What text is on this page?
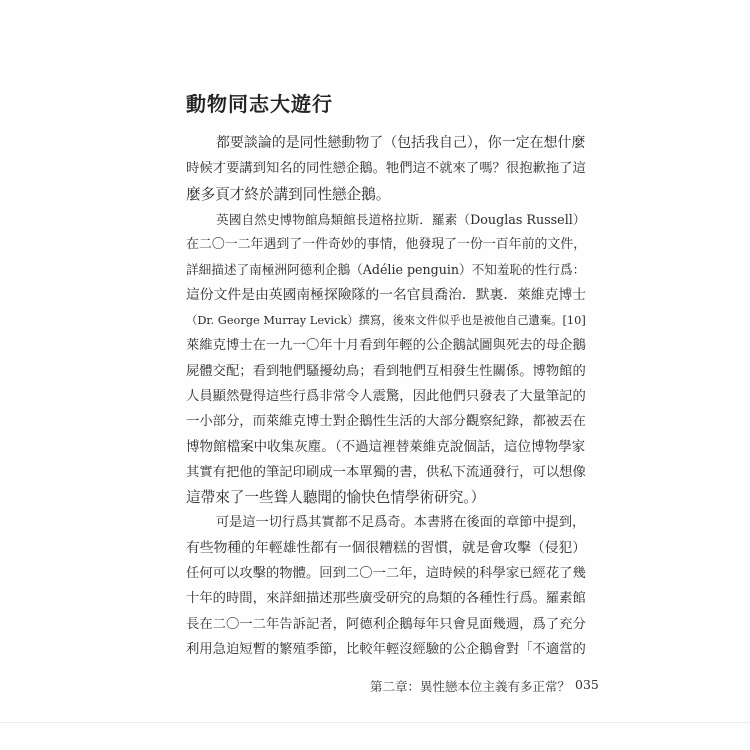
動物同志大遊行
都要談論的是同性戀動物了（包括我自己），你一定在想什麼
時候才要講到知名的同性戀企鵝。牠們這不就來了嗎？很抱歉拖了這
麼多頁才終於講到同性戀企鵝。
英國自然史博物館鳥類館長道格拉斯．羅素（Douglas Russell）
在二〇一二年遇到了一件奇妙的事情，他發現了一份一百年前的文件，
詳細描述了南極洲阿德利企鵝（Adélie penguin）不知羞恥的性行爲：
這份文件是由英國南極探險隊的一名官員喬治．默裏．萊維克博士
（Dr. George Murray Levick）撰寫，後來文件似乎也是被他自己遺棄。[10]
萊維克博士在一九一〇年十月看到年輕的公企鵝試圖與死去的母企鵝
屍體交配；看到牠們騷擾幼鳥；看到牠們互相發生性關係。博物館的
人員顯然覺得這些行爲非常令人震驚，因此他們只發表了大量筆記的
一小部分，而萊維克博士對企鵝性生活的大部分觀察紀錄，都被丟在
博物館檔案中收集灰塵。（不過這裡替萊維克說個話，這位博物學家
其實有把他的筆記印刷成一本單獨的書，供私下流通發行，可以想像
這帶來了一些聳人聽聞的愉快色情學術研究。）
可是這一切行爲其實都不足爲奇。本書將在後面的章節中提到，
有些物種的年輕雄性都有一個很糟糕的習慣，就是會攻擊（侵犯）
任何可以攻擊的物體。回到二〇一二年，這時候的科學家已經花了幾
十年的時間，來詳細描述那些廣受研究的鳥類的各種性行爲。羅素館
長在二〇一二年告訴記者，阿德利企鵝每年只會見面幾週，爲了充分
利用急迫短暫的繁殖季節，比較年輕沒經驗的公企鵝會對「不適當的
第二章：異性戀本位主義有多正常？ 035
